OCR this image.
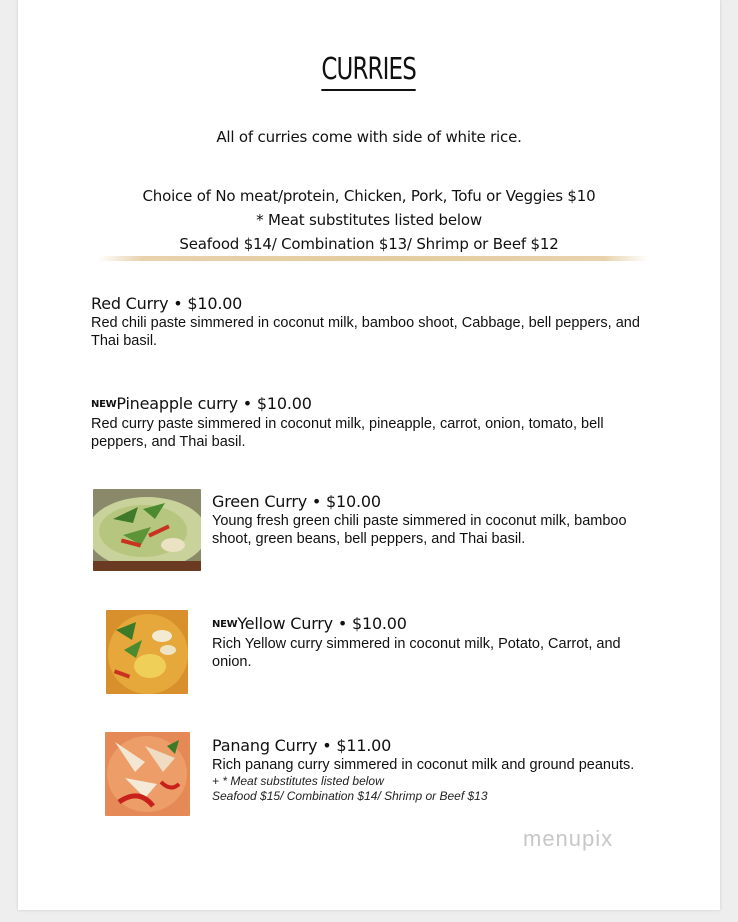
CURRIES
All of curries come with side of white rice.
Choice of No meat/protein, Chicken, Pork, Tofu or Veggies $10
* Meat substitutes listed below
Seafood $14/ Combination $13/ Shrimp or Beef $12
Red Curry • $10.00
Red chili paste simmered in coconut milk, bamboo shoot, Cabbage, bell peppers, and Thai basil.
NEWPineapple curry • $10.00
Red curry paste simmered in coconut milk, pineapple, carrot, onion, tomato, bell peppers, and Thai basil.
Green Curry • $10.00
Young fresh green chili paste simmered in coconut milk, bamboo shoot, green beans, bell peppers, and Thai basil.
NEWYellow Curry • $10.00
Rich Yellow curry simmered in coconut milk, Potato, Carrot, and onion.
Panang Curry • $11.00
Rich panang curry simmered in coconut milk and ground peanuts.
+ * Meat substitutes listed below
Seafood $15/ Combination $14/ Shrimp or Beef $13
menupix
